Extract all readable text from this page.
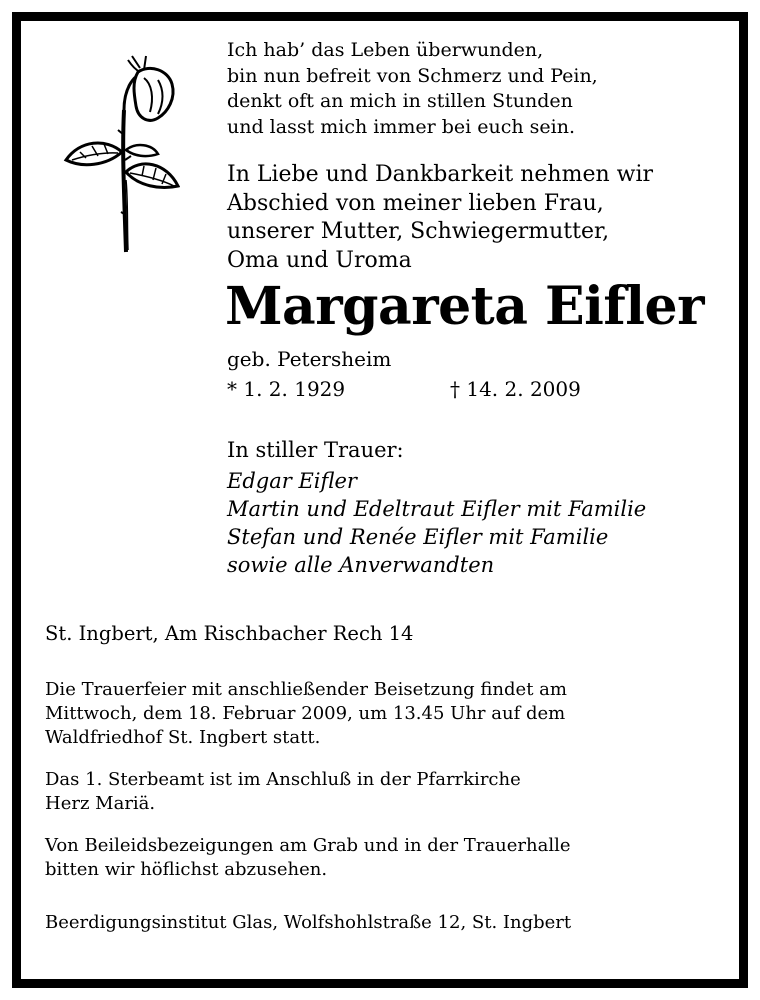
Ich hab’ das Leben überwunden,
bin nun befreit von Schmerz und Pein,
denkt oft an mich in stillen Stunden
und lasst mich immer bei euch sein.
In Liebe und Dankbarkeit nehmen wir
Abschied von meiner lieben Frau,
unserer Mutter, Schwiegermutter,
Oma und Uroma
Margareta Eifler
geb. Petersheim
* 1. 2. 1929	† 14. 2. 2009
In stiller Trauer:
Edgar Eifler
Martin und Edeltraut Eifler mit Familie
Stefan und Renée Eifler mit Familie
sowie alle Anverwandten
St. Ingbert, Am Rischbacher Rech 14
Die Trauerfeier mit anschließender Beisetzung findet am
Mittwoch, dem 18. Februar 2009, um 13.45 Uhr auf dem
Waldfriedhof St. Ingbert statt.
Das 1. Sterbeamt ist im Anschluß in der Pfarrkirche
Herz Mariä.
Von Beileidsbezeigungen am Grab und in der Trauerhalle
bitten wir höflichst abzusehen.
Beerdigungsinstitut Glas, Wolfshohlstraße 12, St. Ingbert
